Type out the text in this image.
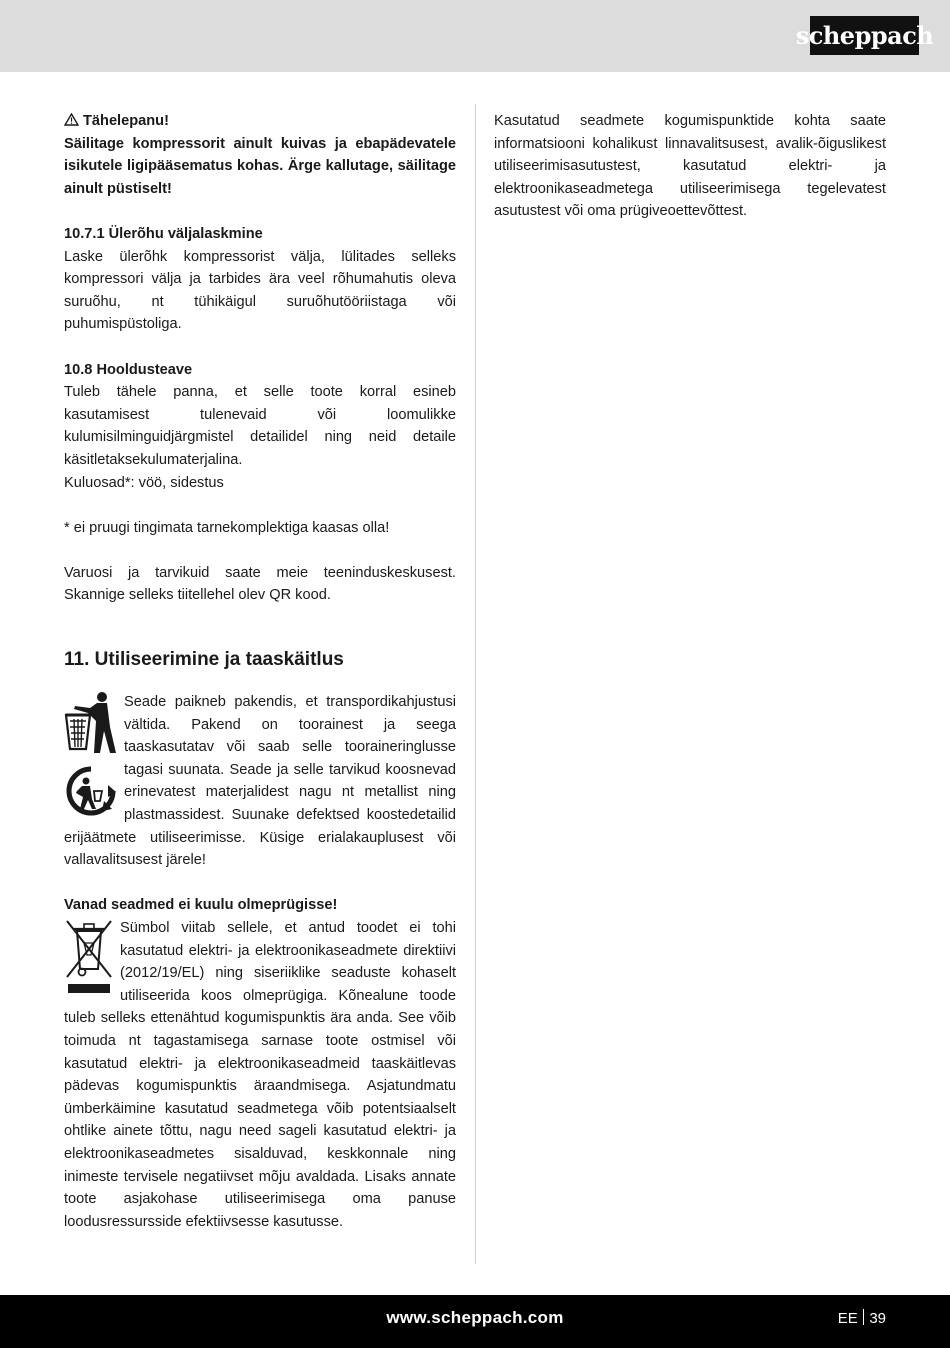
scheppach

Tähelepanu!

Säilitage kompressorit ainult kuivas ja ebapädevatele isikutele ligipääsematus kohas. Ärge kallutage, säilitage ainult püstiselt!

10.7.1 Ülerõhu väljalaskmine

Laske ülerõhk kompressorist välja, lülitades selleks kompressori välja ja tarbides ära veel rõhumahutis oleva suruõhu, nt tühikäigul suruõhutööriistaga või puhumispüstoliga.

10.8 Hooldusteave

Tuleb tähele panna, et selle toote korral esineb kasutamisest tulenevaid või loomulikke kulumisilminguidjärgmistel detailidel ning neid detaile käsitletaksekulumaterjalina.

Kuluosad*: vöö, sidestus

* ei pruugi tingimata tarnekomplektiga kaasas olla!

Varuosi ja tarvikuid saate meie teeninduskeskusest. Skannige selleks tiitellehel olev QR kood.

11. Utiliseerimine ja taaskäitlus

Seade paikneb pakendis, et transpordikahjustusi vältida. Pakend on toorainest ja seega taaskasutatav või saab selle tooraineringlusse tagasi suunata. Seade ja selle tarvikud koosnevad erinevatest materjalidest nagu nt metallist ning plastmassidest. Suunake defektsed koostedetailid erijäätmete utiliseerimisse. Küsige erialakauplusest või vallavalitsusest järele!

Vanad seadmed ei kuulu olmeprügisse!

Sümbol viitab sellele, et antud toodet ei tohi kasutatud elektri- ja elektroonikaseadmete direktiivi (2012/19/EL) ning siseriiklike seaduste kohaselt utiliseerida koos olmeprügiga. Kõnealune toode tuleb selleks ettenähtud kogumispunktis ära anda. See võib toimuda nt tagastamisega sarnase toote ostmisel või kasutatud elektri- ja elektroonikaseadmeid taaskäitlevas pädevas kogumispunktis äraandmisega. Asjatundmatu ümberkäimine kasutatud seadmetega võib potentsiaalselt ohtlike ainete tõttu, nagu need sageli kasutatud elektri- ja elektroonikaseadmetes sisalduvad, keskkonnale ning inimeste tervisele negatiivset mõju avaldada. Lisaks annate toote asjakohase utiliseerimisega oma panuse loodusressursside efektiivsesse kasutusse.

Kasutatud seadmete kogumispunktide kohta saate informatsiooni kohalikust linnavalitsusest, avalik-õiguslikest utiliseerimisasutustest, kasutatud elektri- ja elektroonikaseadmetega utiliseerimisega tegelevatest asutustest või oma prügiveoettevõttest.

www.scheppach.com	EE 39
